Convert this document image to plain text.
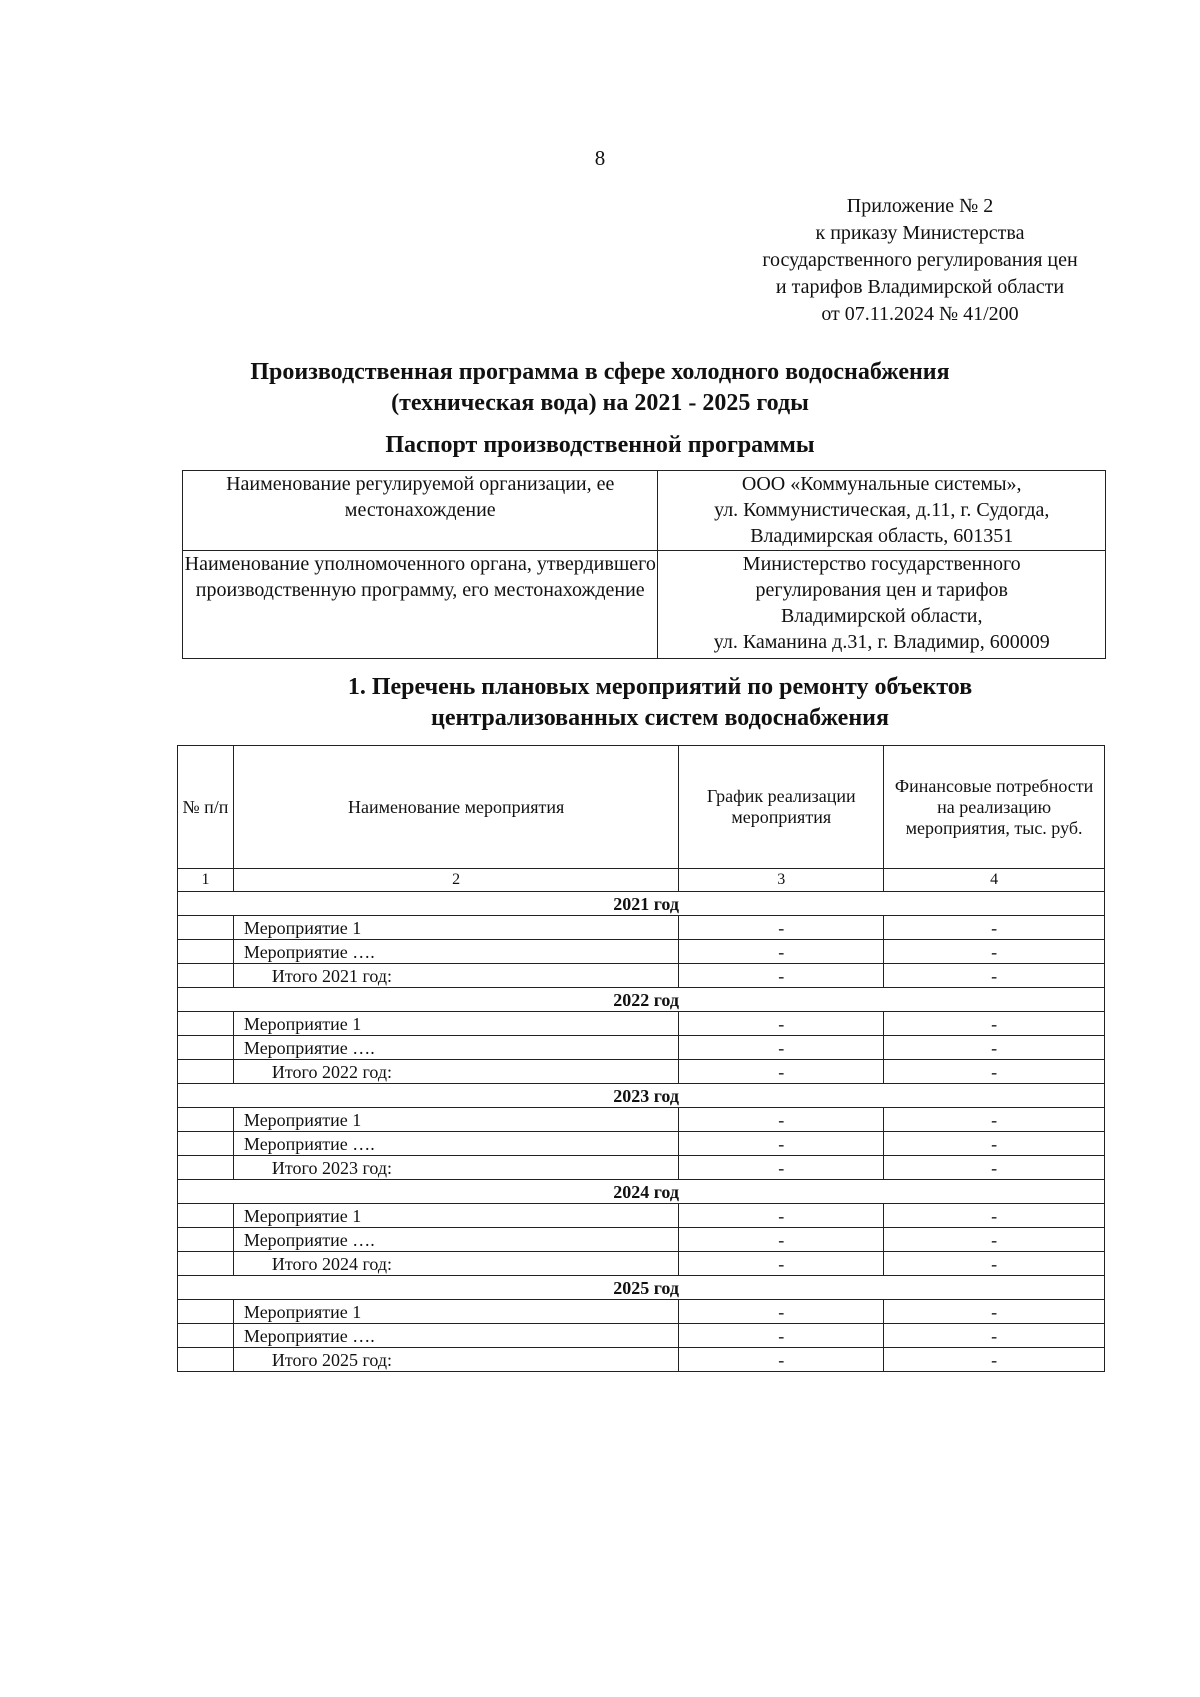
8
Приложение № 2
к приказу Министерства
государственного регулирования цен
и тарифов Владимирской области
от 07.11.2024 № 41/200
Производственная программа в сфере холодного водоснабжения
(техническая вода) на 2021 - 2025 годы
Паспорт производственной программы
Наименование регулируемой организации, ее местонахождение	ООО «Коммунальные системы»,
ул. Коммунистическая, д.11, г. Судогда,
Владимирская область, 601351

Наименование уполномоченного органа, утвердившего производственную программу, его местонахождение	Министерство государственного
регулирования цен и тарифов
Владимирской области,
ул. Каманина д.31, г. Владимир, 600009
1. Перечень плановых мероприятий по ремонту объектов
централизованных систем водоснабжения
№ п/п	Наименование мероприятия	График реализации мероприятия	Финансовые потребности на реализацию мероприятия, тыс. руб.
1	2	3	4
2021 год			
	Мероприятие 1	-	-
	Мероприятие ….	-	-
	Итого 2021 год:	-	-
2022 год			
	Мероприятие 1	-	-
	Мероприятие ….	-	-
	Итого 2022 год:	-	-
2023 год			
	Мероприятие 1	-	-
	Мероприятие ….	-	-
	Итого 2023 год:	-	-
2024 год			
	Мероприятие 1	-	-
	Мероприятие ….	-	-
	Итого 2024 год:	-	-
2025 год			
	Мероприятие 1	-	-
	Мероприятие ….	-	-
	Итого 2025 год:	-	-
